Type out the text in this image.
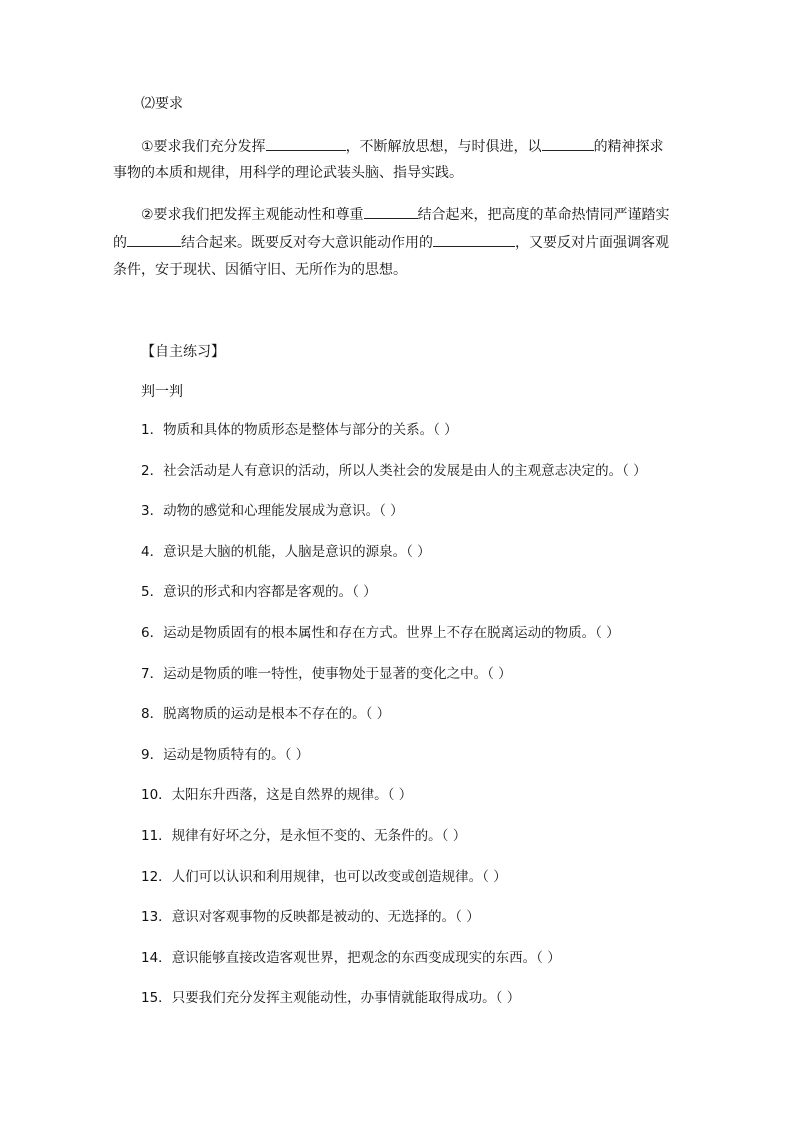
⑵要求
①要求我们充分发挥	，不断解放思想，与时俱进，以	的精神探求
事物的本质和规律，用科学的理论武装头脑、指导实践。
②要求我们把发挥主观能动性和尊重	结合起来，把高度的革命热情同严谨踏实
的	结合起来。既要反对夸大意识能动作用的	，又要反对片面强调客观
条件，安于现状、因循守旧、无所作为的思想。
【自主练习】
判一判
1．物质和具体的物质形态是整体与部分的关系。（ ）
2．社会活动是人有意识的活动，所以人类社会的发展是由人的主观意志决定的。（ ）
3．动物的感觉和心理能发展成为意识。（ ）
4．意识是大脑的机能，人脑是意识的源泉。（ ）
5．意识的形式和内容都是客观的。（ ）
6．运动是物质固有的根本属性和存在方式。世界上不存在脱离运动的物质。（ ）
7．运动是物质的唯一特性，使事物处于显著的变化之中。（ ）
8．脱离物质的运动是根本不存在的。（ ）
9．运动是物质特有的。（ ）
10．太阳东升西落，这是自然界的规律。（ ）
11．规律有好坏之分，是永恒不变的、无条件的。（ ）
12．人们可以认识和利用规律，也可以改变或创造规律。（ ）
13．意识对客观事物的反映都是被动的、无选择的。（ ）
14．意识能够直接改造客观世界，把观念的东西变成现实的东西。（ ）
15．只要我们充分发挥主观能动性，办事情就能取得成功。（ ）
